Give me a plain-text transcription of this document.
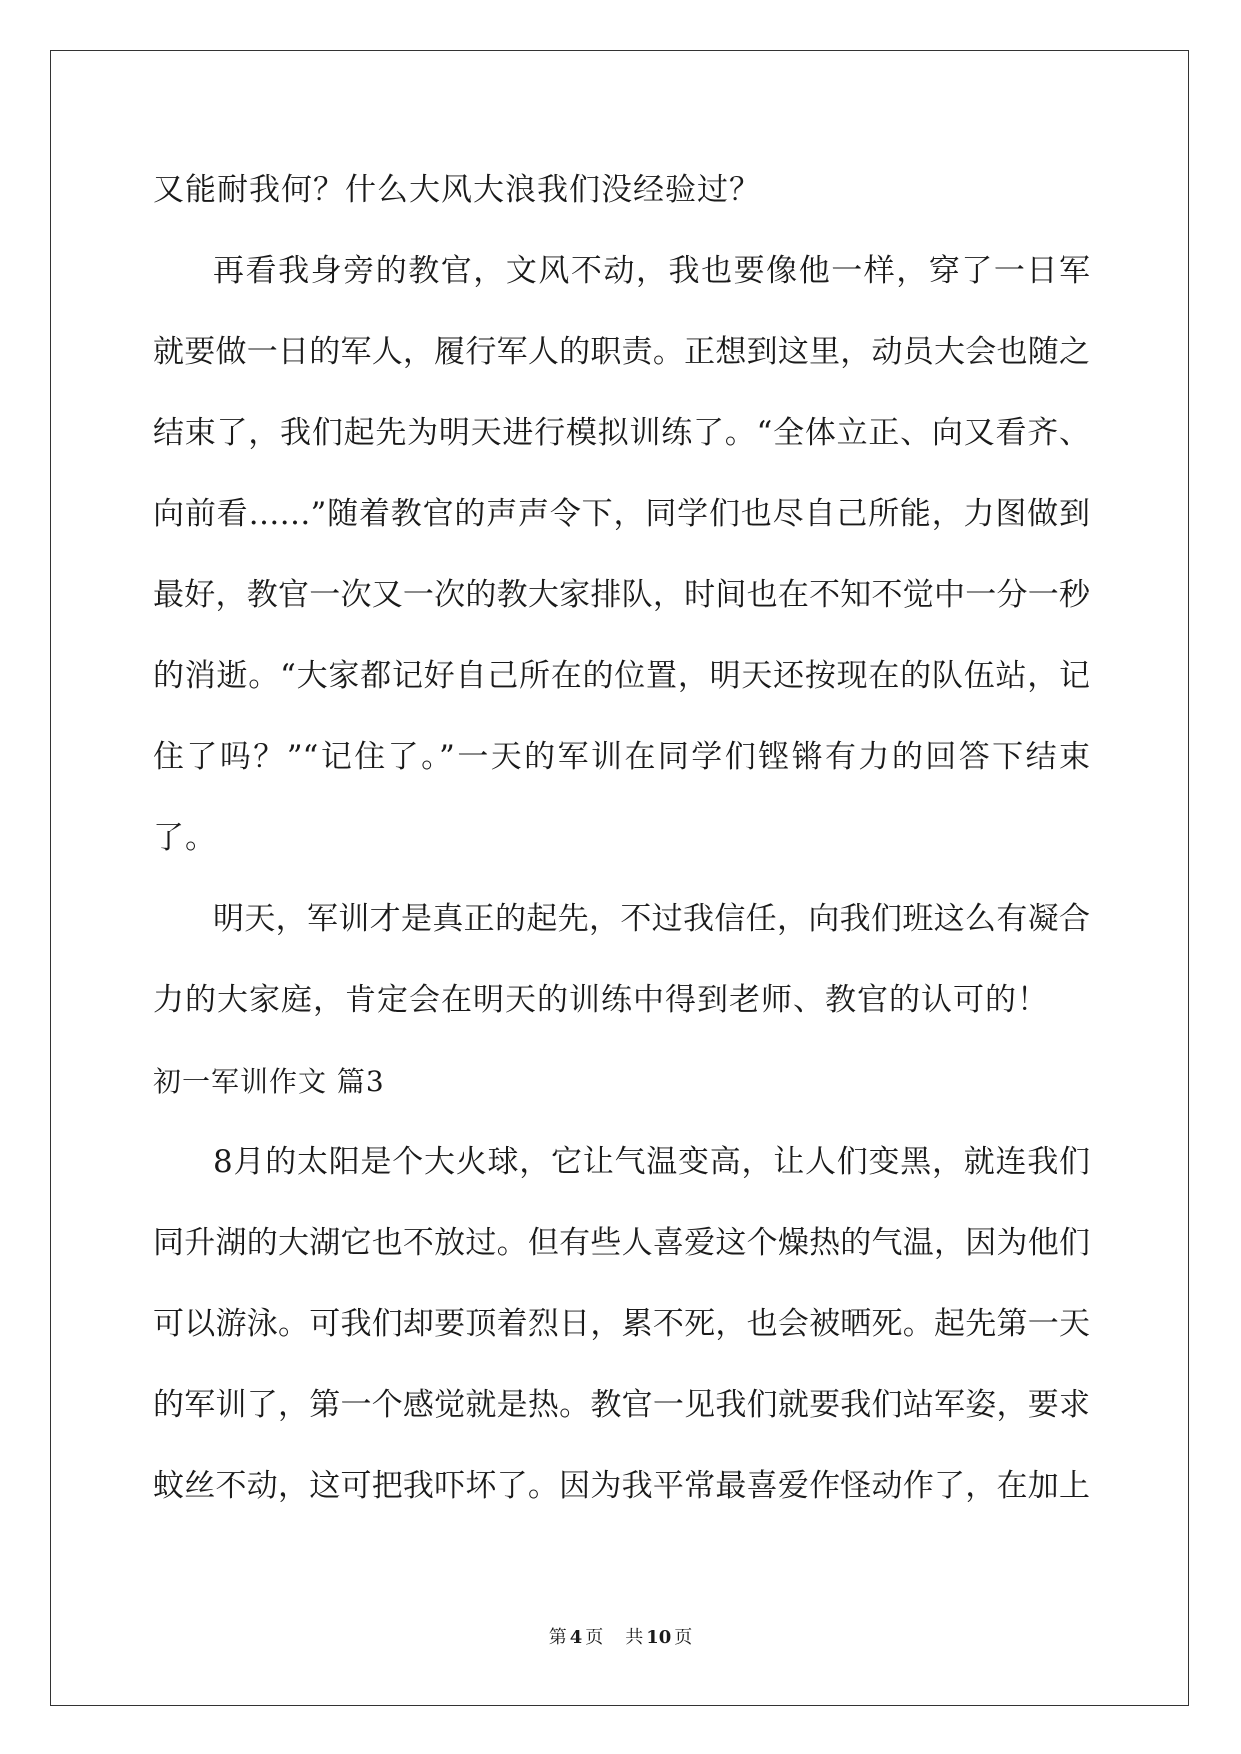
又能耐我何？什么大风大浪我们没经验过？
再看我身旁的教官，文风不动，我也要像他一样，穿了一日军
就要做一日的军人，履行军人的职责。正想到这里，动员大会也随之
结束了，我们起先为明天进行模拟训练了。“全体立正、向又看齐、
向前看……”随着教官的声声令下，同学们也尽自己所能，力图做到
最好，教官一次又一次的教大家排队，时间也在不知不觉中一分一秒
的消逝。“大家都记好自己所在的位置，明天还按现在的队伍站，记
住了吗？”“记住了。”一天的军训在同学们铿锵有力的回答下结束
了。
明天，军训才是真正的起先，不过我信任，向我们班这么有凝合
力的大家庭，肯定会在明天的训练中得到老师、教官的认可的！
初一军训作文 篇3
8月的太阳是个大火球，它让气温变高，让人们变黑，就连我们
同升湖的大湖它也不放过。但有些人喜爱这个燥热的气温，因为他们
可以游泳。可我们却要顶着烈日，累不死，也会被晒死。起先第一天
的军训了，第一个感觉就是热。教官一见我们就要我们站军姿，要求
蚊丝不动，这可把我吓坏了。因为我平常最喜爱作怪动作了，在加上
第 4 页 共 10 页
